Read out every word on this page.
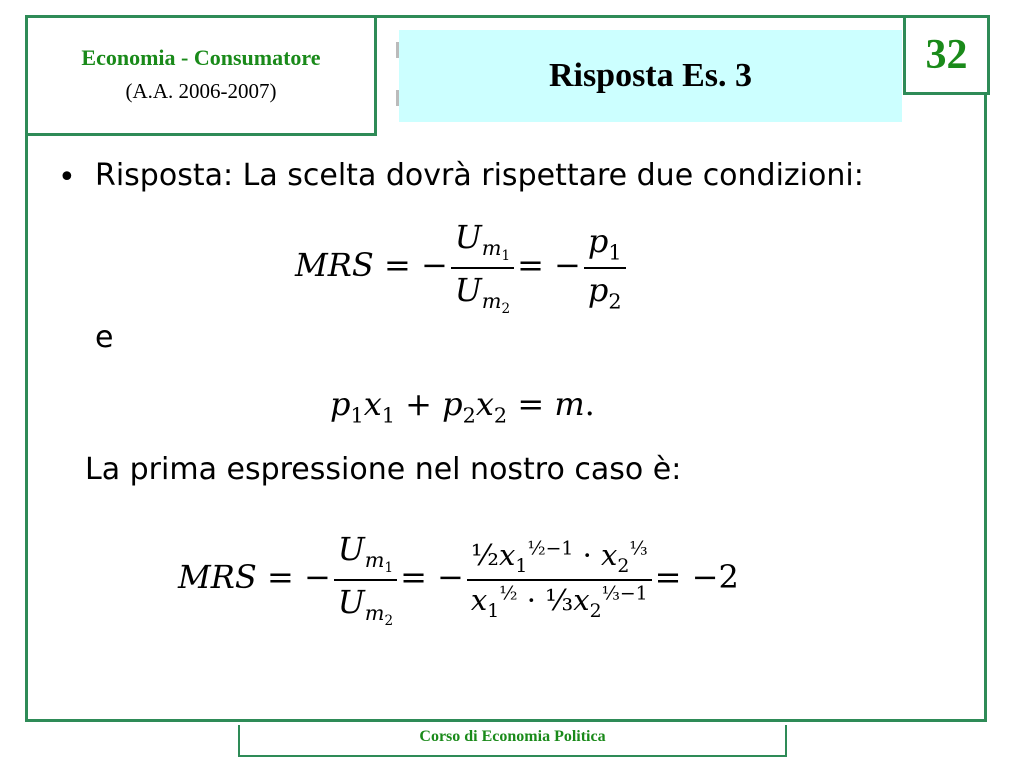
Economia - Consumatore
(A.A. 2006-2007)	Risposta Es. 3	32
• Risposta: La scelta dovrà rispettare due condizioni:
MRS = − $\frac{U_{m_1}}{U_{m_2}}$ = − $\frac{p_1}{p_2}$
e
$p_1x_1 + p_2x_2 = m$.
La prima espressione nel nostro caso è:
MRS = − $\frac{U_{m_1}}{U_{m_2}}$ = − $\frac{\frac{1}{2}x_1^{\frac{1}{2}-1} \cdot x_2^{\frac{1}{3}}}{x_1^{\frac{1}{2}} \cdot \frac{1}{3}x_2^{\frac{1}{3}-1}} = -2$
Corso di Economia Politica
